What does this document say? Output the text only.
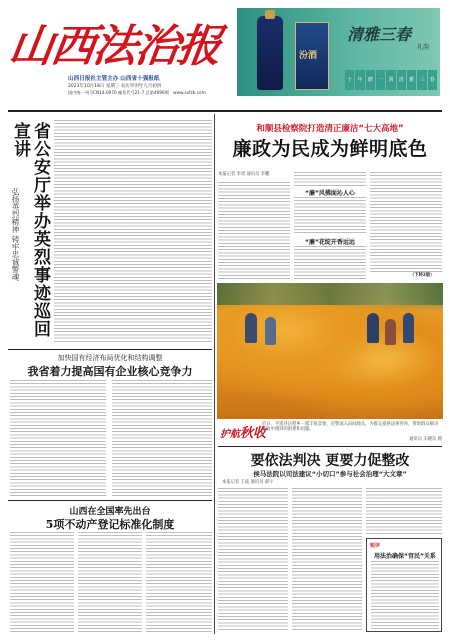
山西法治报
山西日报社主管主办 山西省十强报纸
2023年10月18日 星期三 农历癸卯年九月初四
国内统一刊号CN14-0070 邮发代号21-7 总第4696期 www.sxfzb.com
汾酒
清雅三春
礼韵
十	年	磨	一	剑	清	雅	三	春
省公安厅举办英烈事迹巡回宣讲
弘扬英烈精神 铸牢忠诚警魂
加快国有经济布局优化和结构调整
我省着力提高国有企业核心竞争力
山西在全国率先出台
5项不动产登记标准化制度
和顺县检察院打造清正廉洁“七大高地”
廉政为民成为鲜明底色
本报记者 李勇 通讯员 李鹏
“廉”风拂面沁人心
“廉”花绽开香远远
（下转2版）
护航秋收
近日，平遥县岳壁乡一派丰收景象，民警深入田间地头，为群众提供法律咨询，帮助群众解决秋收中遇到的困难和问题。
通讯员 宋晓东 摄
要依法判决 更要力促整改
侯马法院以司法建议“小切口”参与社会治理“大文章”
本报记者 王波 通讯员 郝宇
短评
用法治确保“官民”关系
